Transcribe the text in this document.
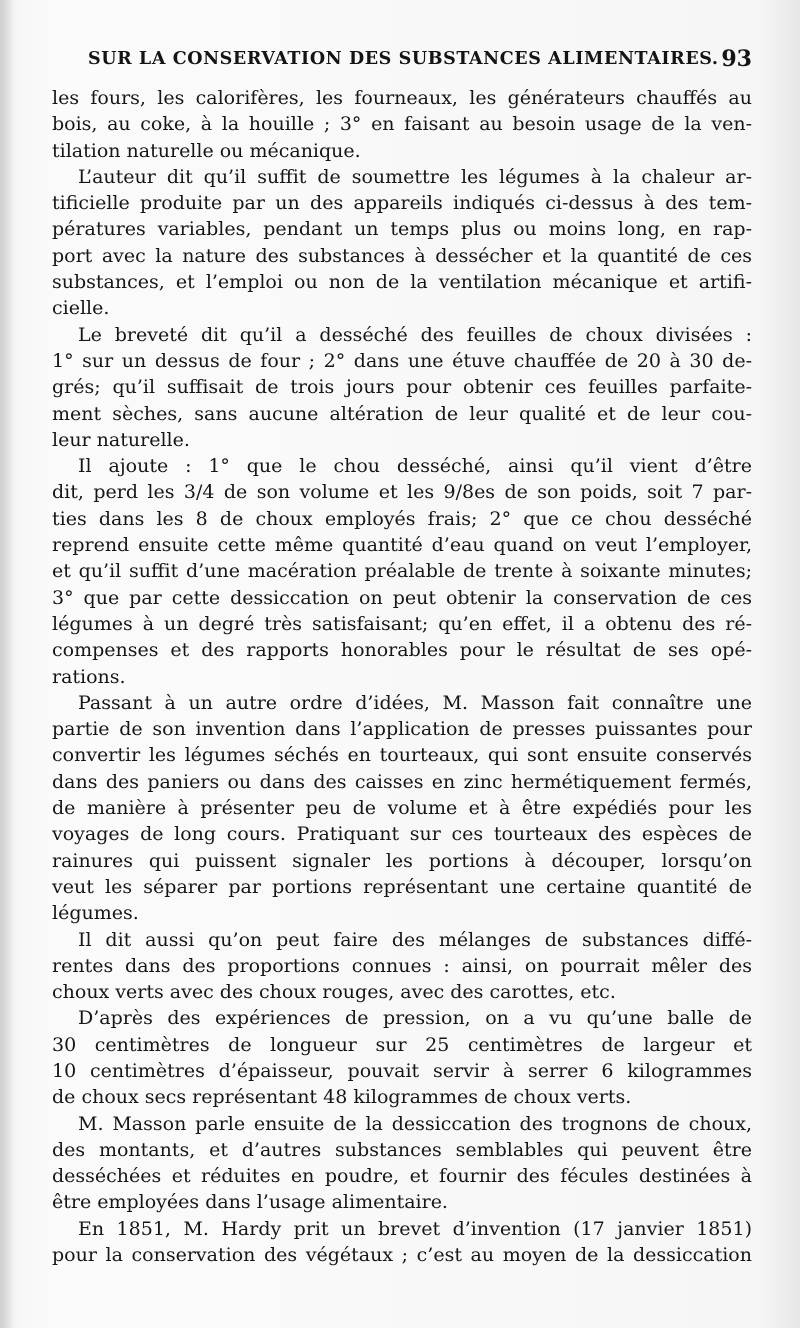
SUR LA CONSERVATION DES SUBSTANCES ALIMENTAIRES. 93
les fours, les calorifères, les fourneaux, les générateurs chauffés au
bois, au coke, à la houille ; 3° en faisant au besoin usage de la ven-
tilation naturelle ou mécanique.
L’auteur dit qu’il suffit de soumettre les légumes à la chaleur ar-
tificielle produite par un des appareils indiqués ci-dessus à des tem-
pératures variables, pendant un temps plus ou moins long, en rap-
port avec la nature des substances à dessécher et la quantité de ces
substances, et l’emploi ou non de la ventilation mécanique et artifi-
cielle.
Le breveté dit qu’il a desséché des feuilles de choux divisées :
1° sur un dessus de four ; 2° dans une étuve chauffée de 20 à 30 de-
grés; qu’il suffisait de trois jours pour obtenir ces feuilles parfaite-
ment sèches, sans aucune altération de leur qualité et de leur cou-
leur naturelle.
Il ajoute : 1° que le chou desséché, ainsi qu’il vient d’être
dit, perd les 3/4 de son volume et les 9/8es de son poids, soit 7 par-
ties dans les 8 de choux employés frais; 2° que ce chou desséché
reprend ensuite cette même quantité d’eau quand on veut l’employer,
et qu’il suffit d’une macération préalable de trente à soixante minutes;
3° que par cette dessiccation on peut obtenir la conservation de ces
légumes à un degré très satisfaisant; qu’en effet, il a obtenu des ré-
compenses et des rapports honorables pour le résultat de ses opé-
rations.
Passant à un autre ordre d’idées, M. Masson fait connaître une
partie de son invention dans l’application de presses puissantes pour
convertir les légumes séchés en tourteaux, qui sont ensuite conservés
dans des paniers ou dans des caisses en zinc hermétiquement fermés,
de manière à présenter peu de volume et à être expédiés pour les
voyages de long cours. Pratiquant sur ces tourteaux des espèces de
rainures qui puissent signaler les portions à découper, lorsqu’on
veut les séparer par portions représentant une certaine quantité de
légumes.
Il dit aussi qu’on peut faire des mélanges de substances diffé-
rentes dans des proportions connues : ainsi, on pourrait mêler des
choux verts avec des choux rouges, avec des carottes, etc.
D’après des expériences de pression, on a vu qu’une balle de
30 centimètres de longueur sur 25 centimètres de largeur et
10 centimètres d’épaisseur, pouvait servir à serrer 6 kilogrammes
de choux secs représentant 48 kilogrammes de choux verts.
M. Masson parle ensuite de la dessiccation des trognons de choux,
des montants, et d’autres substances semblables qui peuvent être
desséchées et réduites en poudre, et fournir des fécules destinées à
être employées dans l’usage alimentaire.
En 1851, M. Hardy prit un brevet d’invention (17 janvier 1851)
pour la conservation des végétaux ; c’est au moyen de la dessiccation
